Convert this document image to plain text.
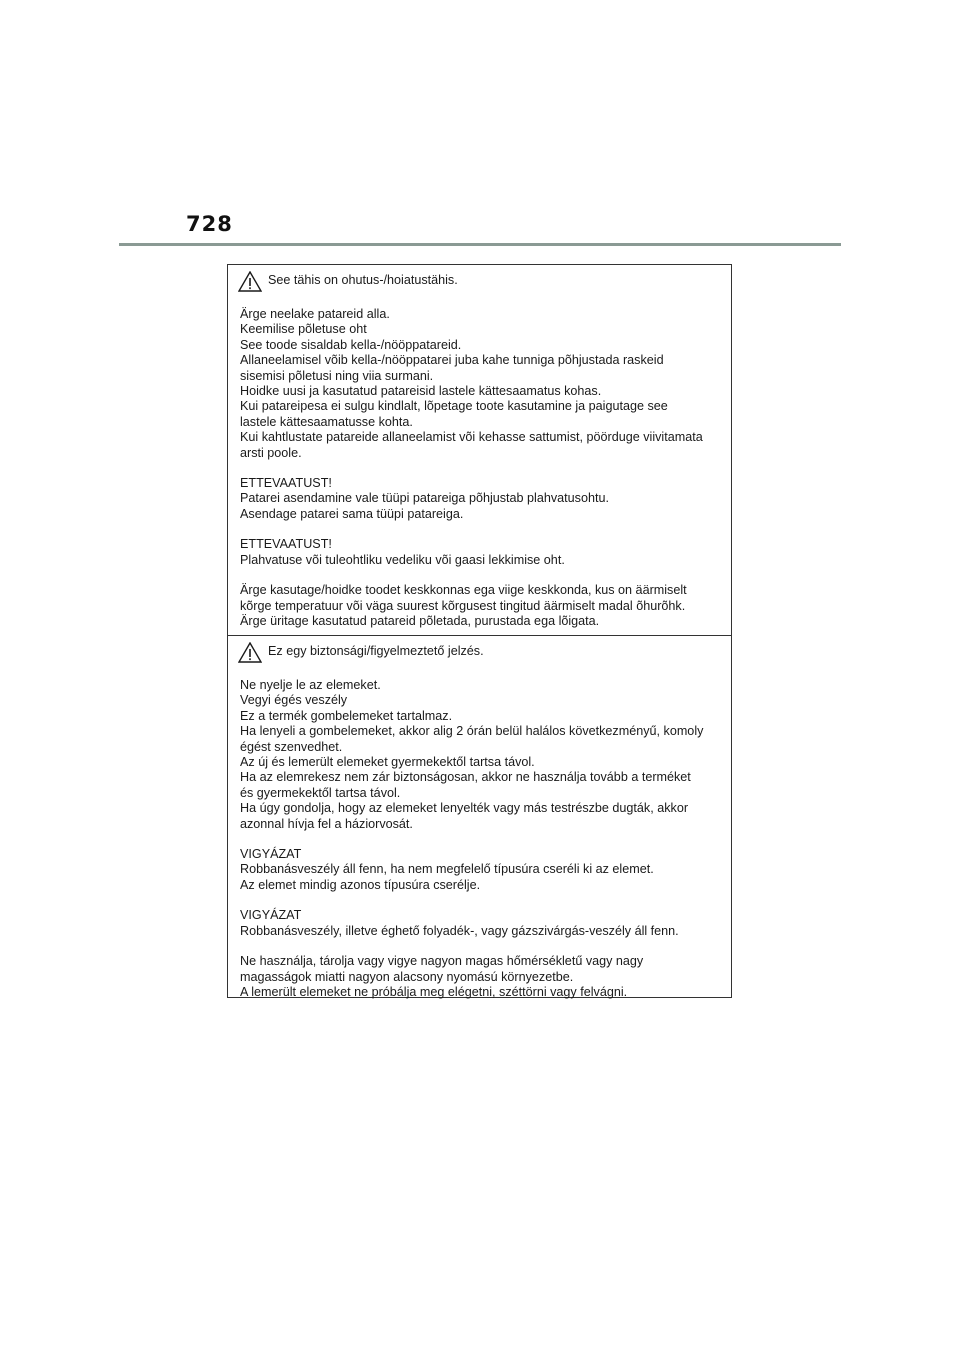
728
See tähis on ohutus-/hoiatustähis.

Ärge neelake patareid alla.
Keemilise põletuse oht
See toode sisaldab kella-/nööppatareid.
Allaneelamisel võib kella-/nööppatarei juba kahe tunniga põhjustada raskeid
sisemisi põletusi ning viia surmani.
Hoidke uusi ja kasutatud patareisid lastele kättesaamatus kohas.
Kui patareipesa ei sulgu kindlalt, lõpetage toote kasutamine ja paigutage see
lastele kättesaamatusse kohta.
Kui kahtlustate patareide allaneelamist või kehasse sattumist, pöörduge viivitamata
arsti poole.

ETTEVAATUST!
Patarei asendamine vale tüüpi patareiga põhjustab plahvatusohtu.
Asendage patarei sama tüüpi patareiga.

ETTEVAATUST!
Plahvatuse või tuleohtliku vedeliku või gaasi lekkimise oht.

Ärge kasutage/hoidke toodet keskkonnas ega viige keskkonda, kus on äärmiselt
kõrge temperatuur või väga suurest kõrgusest tingitud äärmiselt madal õhurõhk.
Ärge üritage kasutatud patareid põletada, purustada ega lõigata.

Ez egy biztonsági/figyelmeztető jelzés.

Ne nyelje le az elemeket.
Vegyi égés veszély
Ez a termék gombelemeket tartalmaz.
Ha lenyeli a gombelemeket, akkor alig 2 órán belül halálos következményű, komoly
égést szenvedhet.
Az új és lemerült elemeket gyermekektől tartsa távol.
Ha az elemrekesz nem zár biztonságosan, akkor ne használja tovább a terméket
és gyermekektől tartsa távol.
Ha úgy gondolja, hogy az elemeket lenyelték vagy más testrészbe dugták, akkor
azonnal hívja fel a háziorvosát.

VIGYÁZAT
Robbanásveszély áll fenn, ha nem megfelelő típusúra cseréli ki az elemet.
Az elemet mindig azonos típusúra cserélje.

VIGYÁZAT
Robbanásveszély, illetve éghető folyadék-, vagy gázszivárgás-veszély áll fenn.

Ne használja, tárolja vagy vigye nagyon magas hőmérsékletű vagy nagy
magasságok miatti nagyon alacsony nyomású környezetbe.
A lemerült elemeket ne próbálja meg elégetni, széttörni vagy felvágni.
